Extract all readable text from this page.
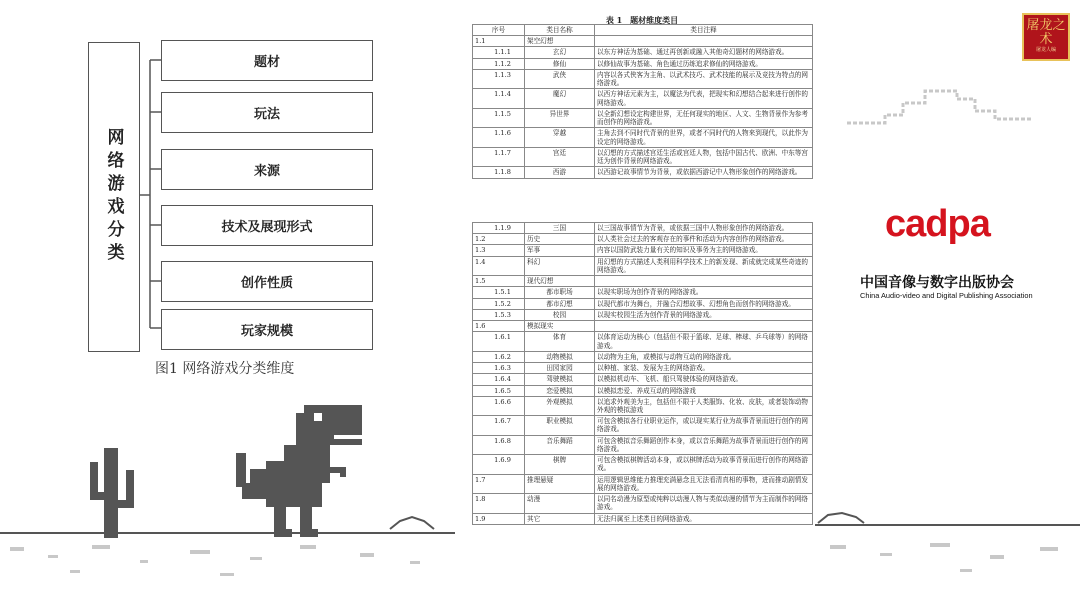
网络游戏分类
题材
玩法
来源
技术及展现形式
创作性质
玩家规模
图1 网络游戏分类维度
表 1　题材维度类目
序号	类目名称	类目注释
1.1	架空幻想	
1.1.1	玄幻	以东方神话为基础、通过再创新或融入其他奇幻题材的网络游戏。
1.1.2	修仙	以修仙故事为基础、角色通过历练追求修仙的网络游戏。
1.1.3	武侠	内容以各式侠客为主角、以武术技巧、武术技能的展示及竞技为特点的网络游戏。
1.1.4	魔幻	以西方神话元素为主，以魔法为代表，把现实和幻想结合起来进行创作的网络游戏。
1.1.5	异世界	以全新幻想设定构建世界，无任何现实的地区、人文、生物背景作为参考而创作的网络游戏。
1.1.6	穿越	主角去到不同时代背景的世界，或者不同时代的人物来到现代，以此作为设定的网络游戏。
1.1.7	宫廷	以幻想的方式描述宫廷生活或宫廷人物，包括中国古代、欧洲、中东等宫廷为创作背景的网络游戏。
1.1.8	西游	以西游记故事情节为背景，或依据西游记中人物形象创作的网络游戏。
1.1.9	三国	以三国故事情节为背景，或依据三国中人物形象创作的网络游戏。
1.2	历史	以人类社会过去的客观存在的事件和活动为内容创作的网络游戏。
1.3	军事	内容以国防武装力量有关的知识及事务为主的网络游戏。
1.4	科幻	用幻想的方式描述人类利用科学技术上的新发现、新成就完成某些奇迹的网络游戏。
1.5	现代幻想	
1.5.1	都市职场	以现实职场为创作背景的网络游戏。
1.5.2	都市幻想	以现代都市为舞台，并融合幻想故事、幻想角色而创作的网络游戏。
1.5.3	校园	以现实校园生活为创作背景的网络游戏。
1.6	模拟现实	
1.6.1	体育	以体育运动为核心（包括但不限于篮球、足球、棒球、乒乓球等）的网络游戏。
1.6.2	动物模拟	以动物为主角，或模拟与动物互动的网络游戏。
1.6.3	田园家园	以种植、家装、发展为主的网络游戏。
1.6.4	驾驶模拟	以模拟机动车、飞机、船只驾驶体验的网络游戏。
1.6.5	恋爱模拟	以模拟恋爱、养成互动的网络游戏
1.6.6	外观模拟	以追求外观美为主，包括但不限于人类服饰、化妆、皮肤，或者装饰动物外观的模拟游戏
1.6.7	职业模拟	可包含模拟各行业职业运作，或以现实某行业为故事背景而进行创作的网络游戏。
1.6.8	音乐舞蹈	可包含模拟音乐舞蹈创作本身，或以音乐舞蹈为故事背景而进行创作的网络游戏。
1.6.9	棋牌	可包含模拟棋牌活动本身，或以棋牌活动为故事背景而进行创作的网络游戏。
1.7	推理悬疑	运用逻辑思维能力推理充满悬念且无法看清真相的事物，进而推动剧情发展的网络游戏。
1.8	动漫	以同名动漫为原型或纯粹以动漫人物与类似动漫的情节为主而制作的网络游戏。
1.9	其它	无法归属至上述类目的网络游戏。
屠龙之术
屠龙人编
cadpa
中国音像与数字出版协会
China Audio-video and Digital Publishing Association
